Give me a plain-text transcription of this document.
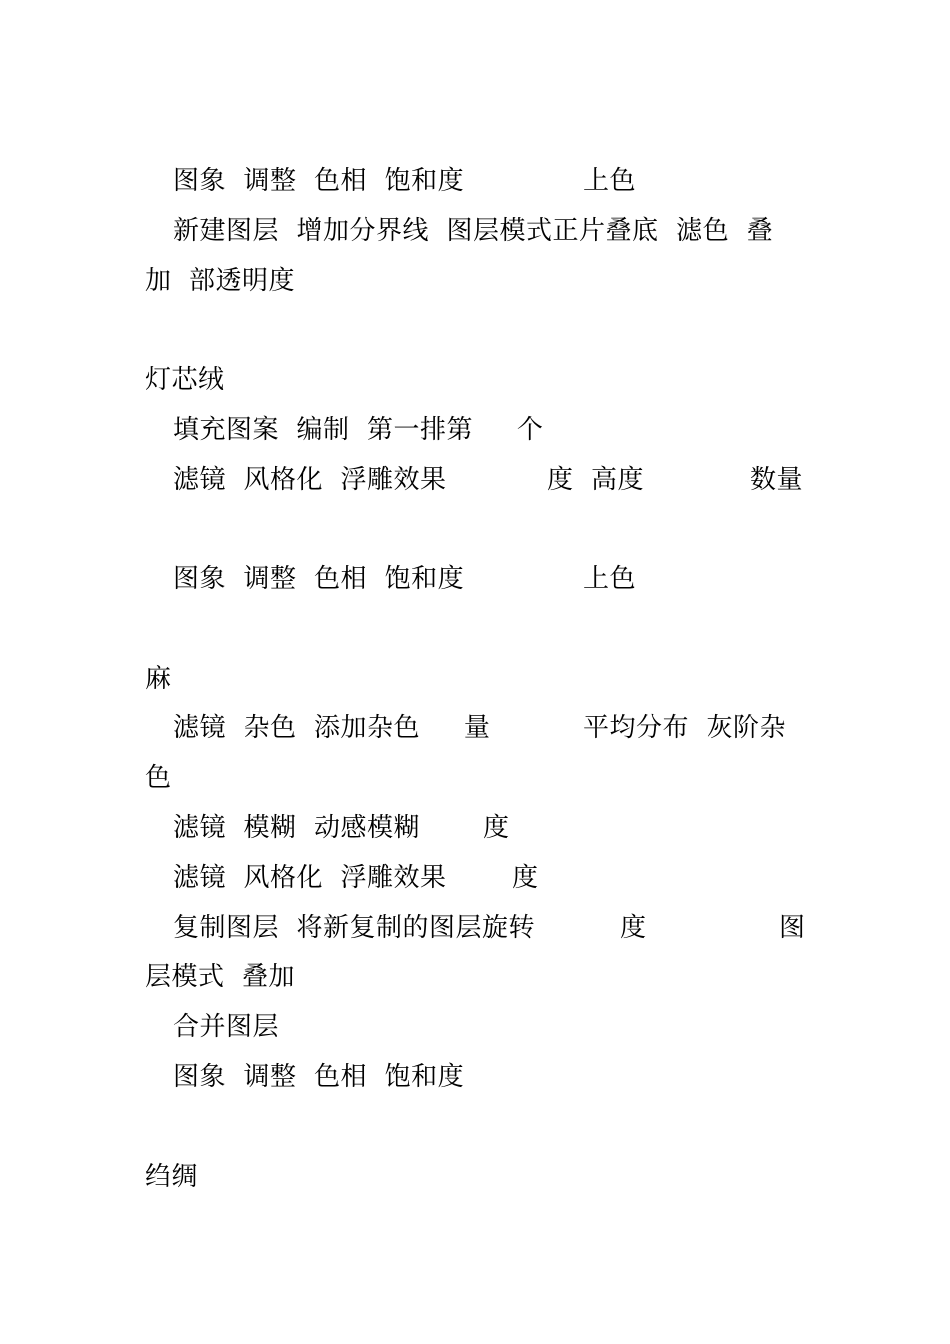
图象  调整  色相  饱和度	上色
新建图层  增加分界线  图层模式正片叠底  滤色  叠
加  部透明度
灯芯绒
填充图案  编制  第一排第     个
滤镜  风格化  浮雕效果	度  高度	数量
图象  调整  色相  饱和度	上色
麻
滤镜  杂色  添加杂色     量	平均分布  灰阶杂
色
滤镜  模糊  动感模糊 度
滤镜  风格化  浮雕效果	度
复制图层  将新复制的图层旋转	度	图
层模式  叠加
合并图层
图象  调整  色相  饱和度
绉绸
